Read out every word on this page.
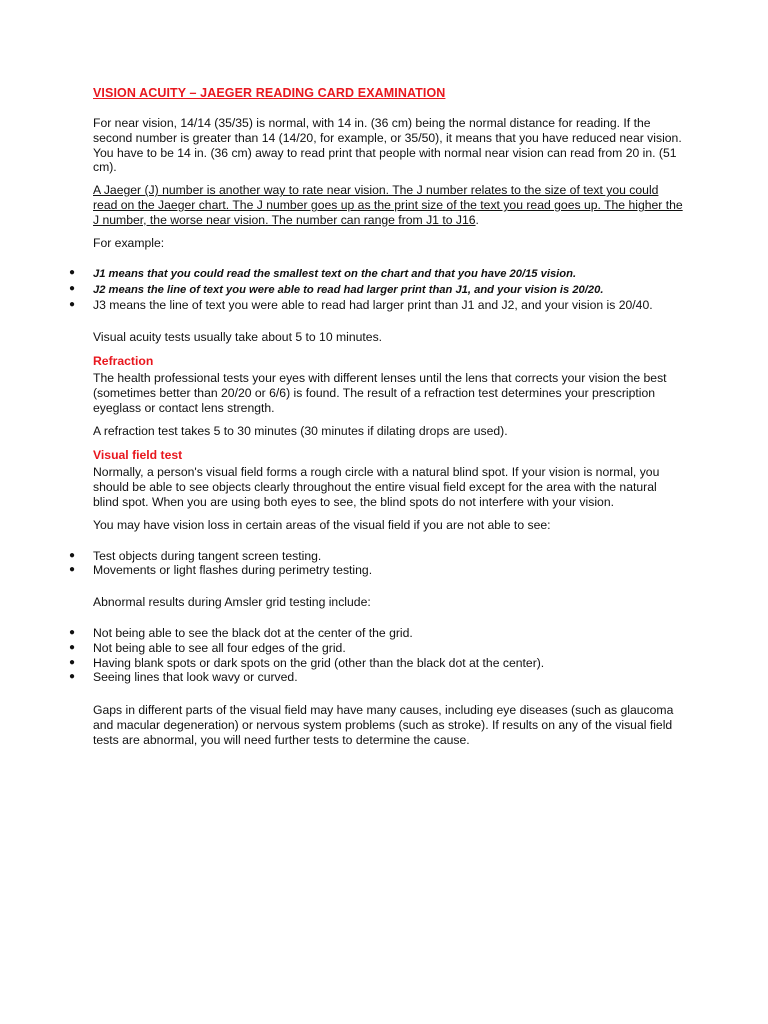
VISION ACUITY – JAEGER READING CARD EXAMINATION

For near vision, 14/14 (35/35) is normal, with 14 in. (36 cm) being the normal distance for reading. If the second number is greater than 14 (14/20, for example, or 35/50), it means that you have reduced near vision. You have to be 14 in. (36 cm) away to read print that people with normal near vision can read from 20 in. (51 cm).

A Jaeger (J) number is another way to rate near vision. The J number relates to the size of text you could read on the Jaeger chart. The J number goes up as the print size of the text you read goes up. The higher the J number, the worse near vision. The number can range from J1 to J16.

For example:

● J1 means that you could read the smallest text on the chart and that you have 20/15 vision.
● J2 means the line of text you were able to read had larger print than J1, and your vision is 20/20.
● J3 means the line of text you were able to read had larger print than J1 and J2, and your vision is 20/40.

Visual acuity tests usually take about 5 to 10 minutes.

Refraction

The health professional tests your eyes with different lenses until the lens that corrects your vision the best (sometimes better than 20/20 or 6/6) is found. The result of a refraction test determines your prescription eyeglass or contact lens strength.

A refraction test takes 5 to 30 minutes (30 minutes if dilating drops are used).

Visual field test

Normally, a person's visual field forms a rough circle with a natural blind spot. If your vision is normal, you should be able to see objects clearly throughout the entire visual field except for the area with the natural blind spot. When you are using both eyes to see, the blind spots do not interfere with your vision.

You may have vision loss in certain areas of the visual field if you are not able to see:

● Test objects during tangent screen testing.
● Movements or light flashes during perimetry testing.

Abnormal results during Amsler grid testing include:

● Not being able to see the black dot at the center of the grid.
● Not being able to see all four edges of the grid.
● Having blank spots or dark spots on the grid (other than the black dot at the center).
● Seeing lines that look wavy or curved.

Gaps in different parts of the visual field may have many causes, including eye diseases (such as glaucoma and macular degeneration) or nervous system problems (such as stroke). If results on any of the visual field tests are abnormal, you will need further tests to determine the cause.
